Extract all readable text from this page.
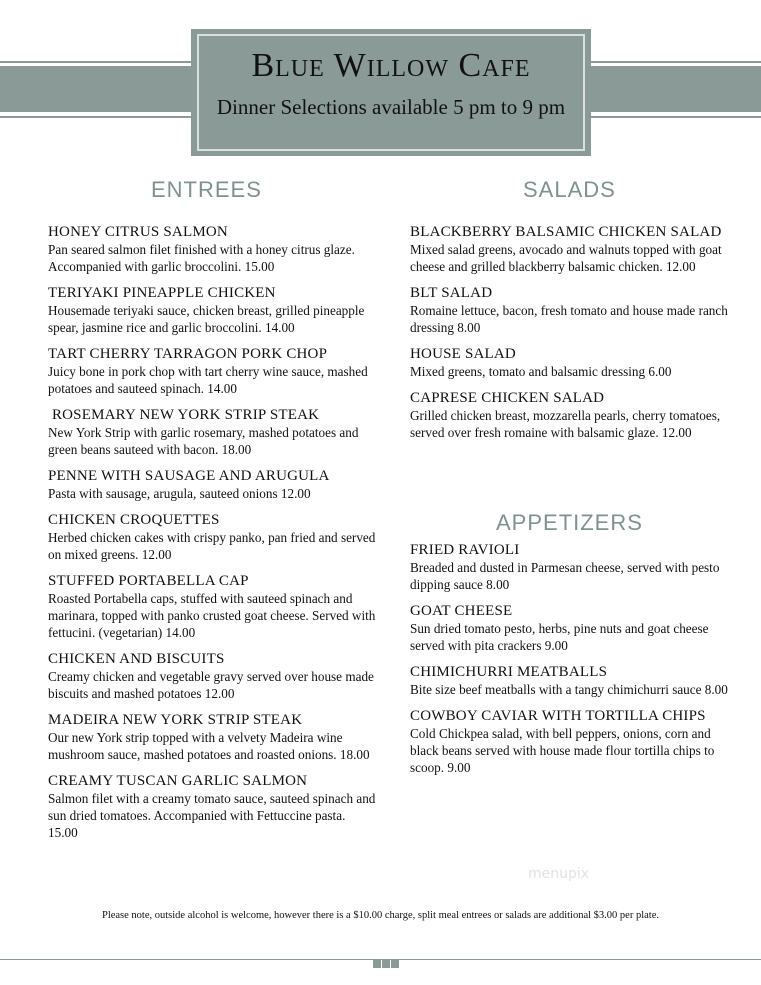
Blue Willow Cafe
Dinner Selections available 5 pm to 9 pm
ENTREES	SALADS
HONEY CITRUS SALMON
Pan seared salmon filet finished with a honey citrus glaze. Accompanied with garlic broccolini. 15.00
TERIYAKI PINEAPPLE CHICKEN
Housemade teriyaki sauce, chicken breast, grilled pineapple spear, jasmine rice and garlic broccolini. 14.00
TART CHERRY TARRAGON PORK CHOP
Juicy bone in pork chop with tart cherry wine sauce, mashed potatoes and sauteed spinach. 14.00
ROSEMARY NEW YORK STRIP STEAK
New York Strip with garlic rosemary, mashed potatoes and green beans sauteed with bacon. 18.00
PENNE WITH SAUSAGE AND ARUGULA
Pasta with sausage, arugula, sauteed onions 12.00
CHICKEN CROQUETTES
Herbed chicken cakes with crispy panko, pan fried and served on mixed greens. 12.00
STUFFED PORTABELLA CAP
Roasted Portabella caps, stuffed with sauteed spinach and marinara, topped with panko crusted goat cheese. Served with fettucini. (vegetarian) 14.00
CHICKEN AND BISCUITS
Creamy chicken and vegetable gravy served over house made biscuits and mashed potatoes 12.00
MADEIRA NEW YORK STRIP STEAK
Our new York strip topped with a velvety Madeira wine mushroom sauce, mashed potatoes and roasted onions. 18.00
CREAMY TUSCAN GARLIC SALMON
Salmon filet with a creamy tomato sauce, sauteed spinach and sun dried tomatoes. Accompanied with Fettuccine pasta. 15.00
BLACKBERRY BALSAMIC CHICKEN SALAD
Mixed salad greens, avocado and walnuts topped with goat cheese and grilled blackberry balsamic chicken. 12.00
BLT SALAD
Romaine lettuce, bacon, fresh tomato and house made ranch dressing 8.00
HOUSE SALAD
Mixed greens, tomato and balsamic dressing 6.00
CAPRESE CHICKEN SALAD
Grilled chicken breast, mozzarella pearls, cherry tomatoes, served over fresh romaine with balsamic glaze. 12.00
APPETIZERS
FRIED RAVIOLI
Breaded and dusted in Parmesan cheese, served with pesto dipping sauce 8.00
GOAT CHEESE
Sun dried tomato pesto, herbs, pine nuts and goat cheese served with pita crackers 9.00
CHIMICHURRI MEATBALLS
Bite size beef meatballs with a tangy chimichurri sauce 8.00
COWBOY CAVIAR WITH TORTILLA CHIPS
Cold Chickpea salad, with bell peppers, onions, corn and black beans served with house made flour tortilla chips to scoop. 9.00
menupix
Please note, outside alcohol is welcome, however there is a $10.00 charge, split meal entrees or salads are additional $3.00 per plate.
